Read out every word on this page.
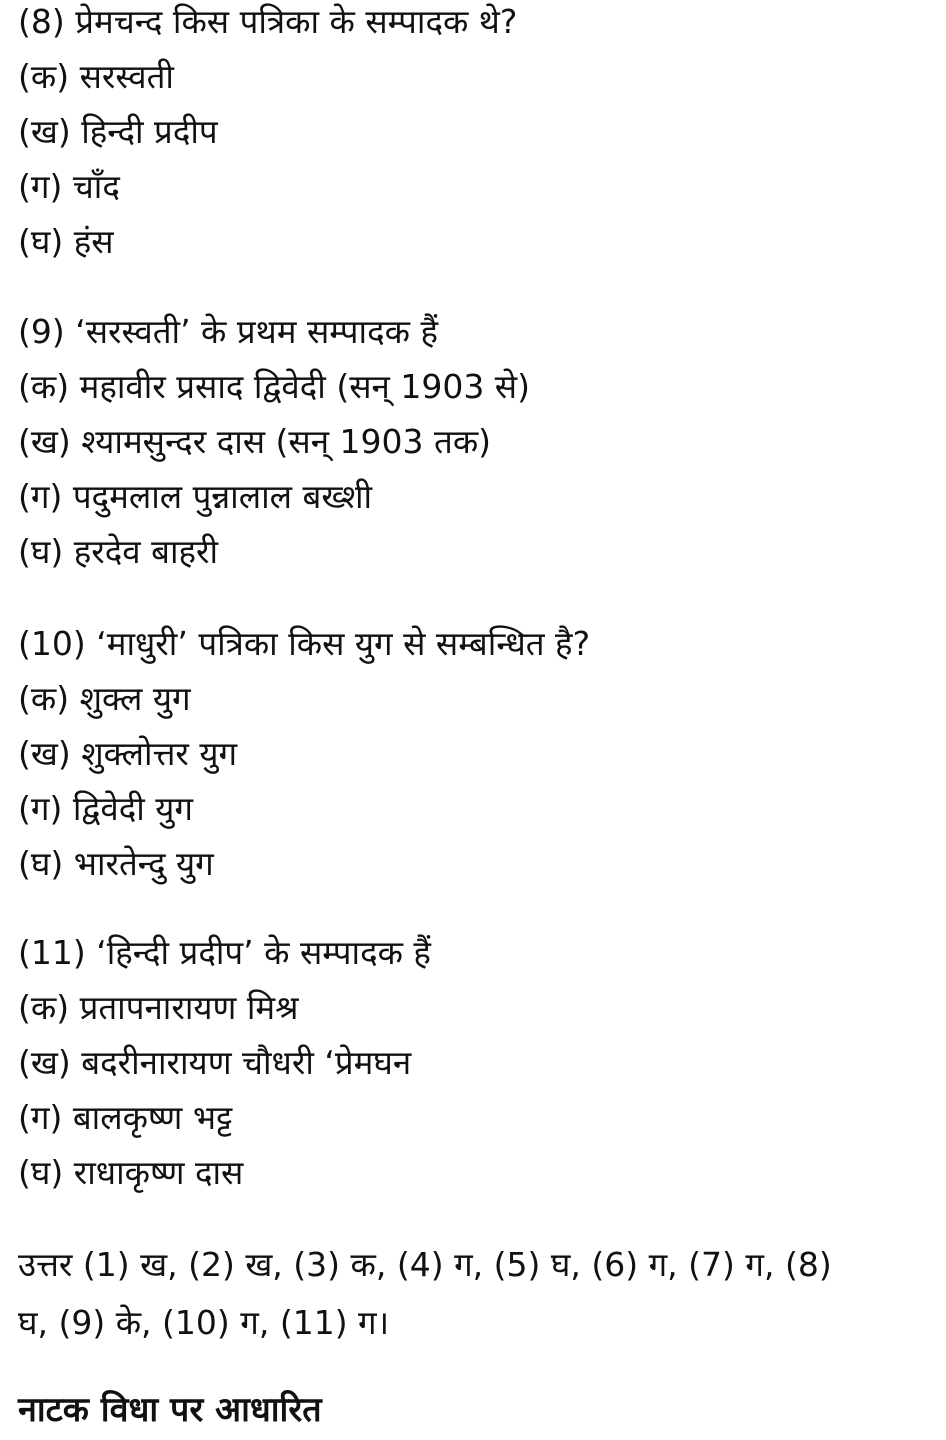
(8) प्रेमचन्द किस पत्रिका के सम्पादक थे?
(क) सरस्वती
(ख) हिन्दी प्रदीप
(ग) चाँद
(घ) हंस
(9) ‘सरस्वती’ के प्रथम सम्पादक हैं
(क) महावीर प्रसाद द्विवेदी (सन् 1903 से)
(ख) श्यामसुन्दर दास (सन् 1903 तक)
(ग) पदुमलाल पुन्नालाल बख्शी
(घ) हरदेव बाहरी
(10) ‘माधुरी’ पत्रिका किस युग से सम्बन्धित है?
(क) शुक्ल युग
(ख) शुक्लोत्तर युग
(ग) द्विवेदी युग
(घ) भारतेन्दु युग
(11) ‘हिन्दी प्रदीप’ के सम्पादक हैं
(क) प्रतापनारायण मिश्र
(ख) बदरीनारायण चौधरी ‘प्रेमघन
(ग) बालकृष्ण भट्ट
(घ) राधाकृष्ण दास

उत्तर (1) ख, (2) ख, (3) क, (4) ग, (5) घ, (6) ग, (7) ग, (8)

घ, (9) के, (10) ग, (11) ग।

नाटक विधा पर आधारित
